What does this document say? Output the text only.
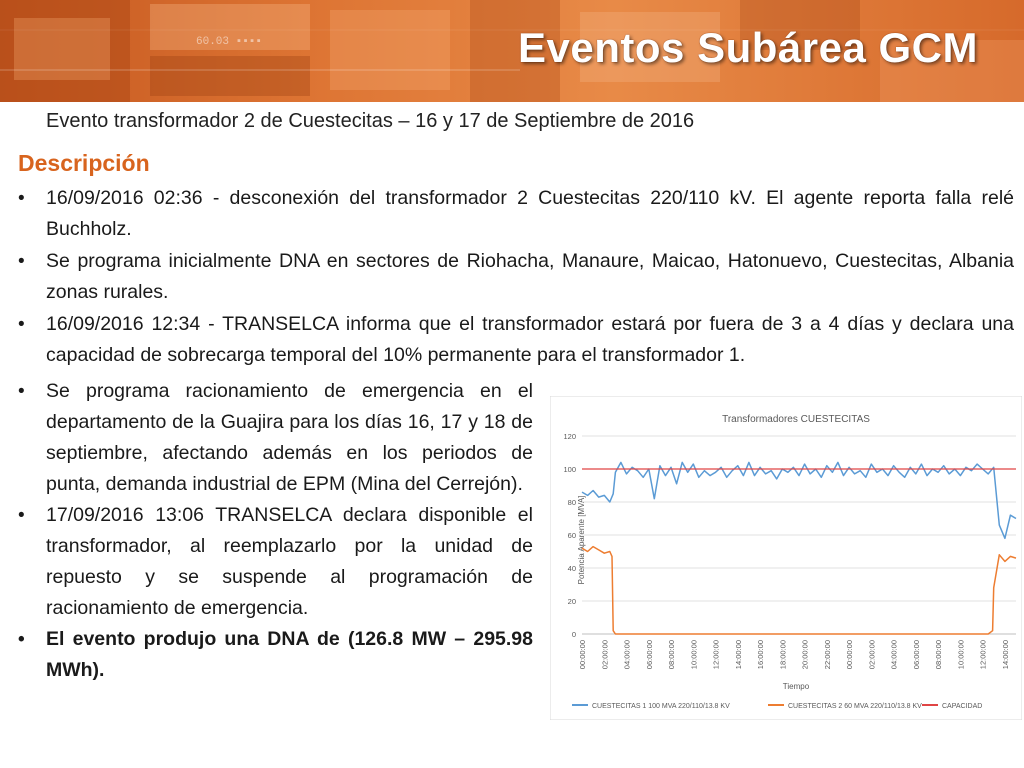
60.03 ▪▪▪▪	Eventos Subárea GCM

Evento transformador 2 de Cuestecitas – 16 y 17 de Septiembre de 2016

Descripción
• 16/09/2016 02:36 - desconexión del transformador 2 Cuestecitas 220/110 kV. El agente reporta falla relé Buchholz.
• Se programa inicialmente DNA en sectores de Riohacha, Manaure, Maicao, Hatonuevo, Cuestecitas, Albania zonas rurales.
• 16/09/2016 12:34 - TRANSELCA informa que el transformador estará por fuera de 3 a 4 días y declara una capacidad de sobrecarga temporal del 10% permanente para el transformador 1.
• Se programa racionamiento de emergencia en el departamento de la Guajira para los días 16, 17 y 18 de septiembre, afectando además en los periodos de punta, demanda industrial de EPM (Mina del Cerrejón).
• 17/09/2016 13:06 TRANSELCA declara disponible el transformador, al reemplazarlo por la unidad de repuesto y se suspende al programación de racionamiento de emergencia.
• El evento produjo una DNA de (126.8 MW – 295.98 MWh).
Transformadores CUESTECITAS
Potencia Aparente [MVA]
Tiempo
0
20
40
60
80
100
120
00:00:00 02:00:00 04:00:00 06:00:00 08:00:00 10:00:00 12:00:00 14:00:00 16:00:00 18:00:00 20:00:00 22:00:00 00:00:00 02:00:00 04:00:00 06:00:00 08:00:00 10:00:00 12:00:00 14:00:00
CUESTECITAS 1 100 MVA 220/110/13.8 KV	CUESTECITAS 2 60 MVA 220/110/13.8 KV	CAPACIDAD
